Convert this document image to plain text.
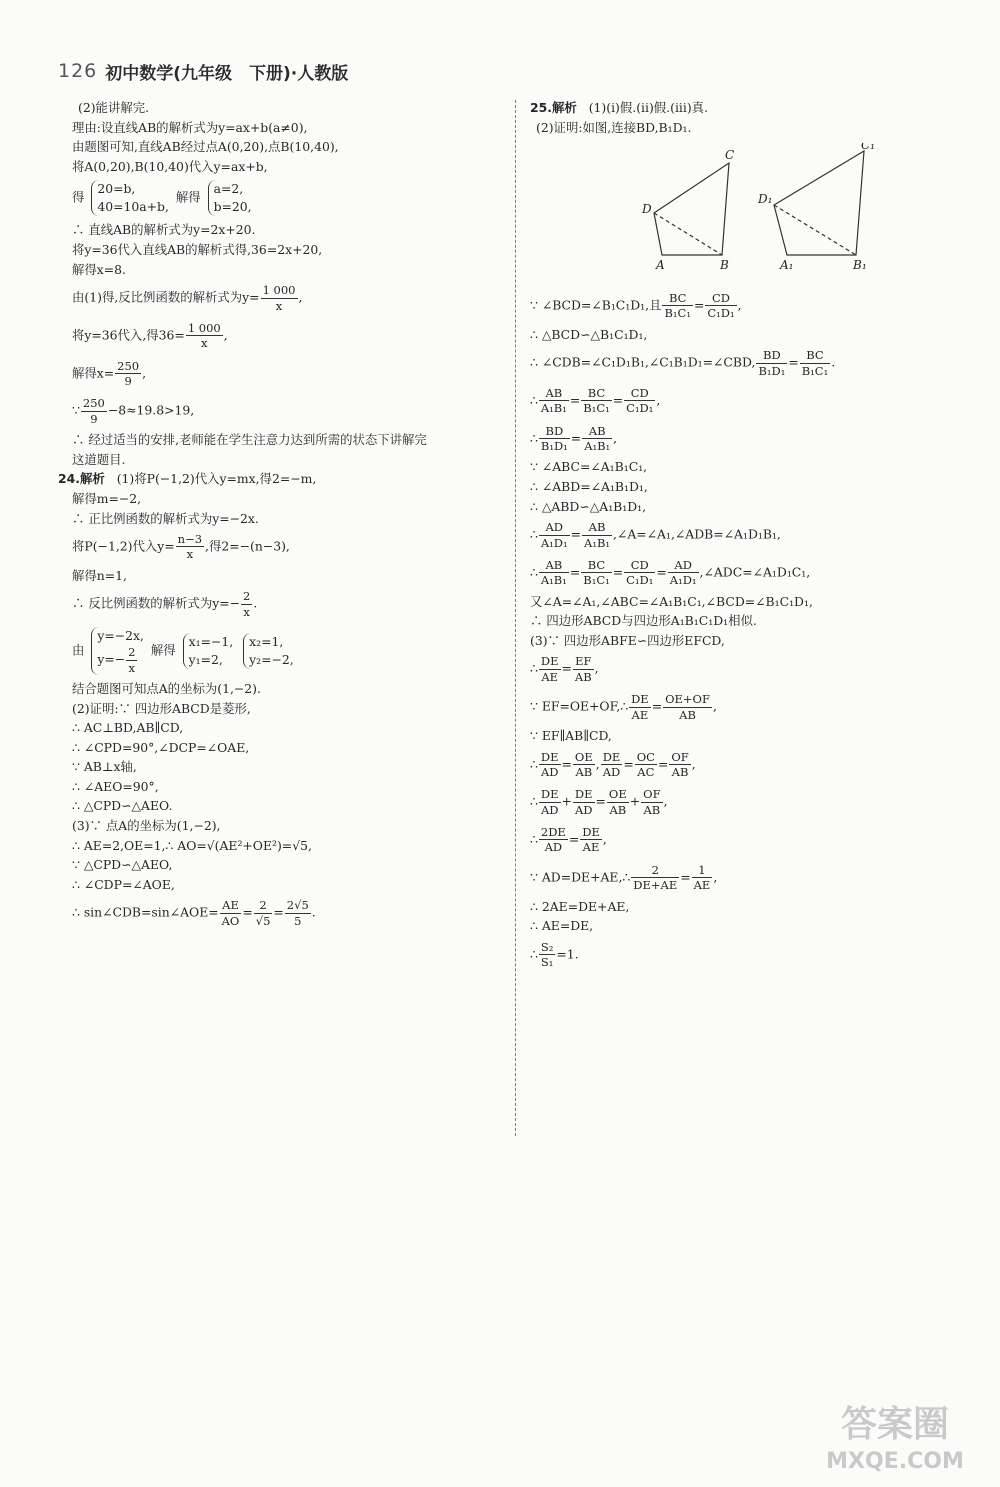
126 初中数学(九年级　下册)·人教版
(2)能讲解完.
理由:设直线AB的解析式为y=ax+b(a≠0),
由题图可知,直线AB经过点A(0,20),点B(10,40),
将A(0,20),B(10,40)代入y=ax+b,
得
20=b,
40=10a+b,
解得
a=2,
b=20,
∴ 直线AB的解析式为y=2x+20.
将y=36代入直线AB的解析式得,36=2x+20,
解得x=8.
由(1)得,反比例函数的解析式为$y= \frac{1 000}{x}$ ,
将y=36代入,得$36= \frac{1 000}{x}$ ,
解得$x= \frac{250}{9}$ ,
∵ $\frac{250}{9} -8\approx 19.8>19$,
∴ 经过适当的安排,老师能在学生注意力达到所需的状态下讲解完
这道题目.
24.解析 (1)将P(−1,2)代入y=mx,得2=−m,
解得m=−2,
∴ 正比例函数的解析式为y=−2x.
将P(−1,2)代入$y= \frac{n-3}{x}$ ,得2=−(n−3),
解得n=1,
∴ 反比例函数的解析式为$y=- \frac{2}{x}$ .
由
y=−2x,
$y=- \frac{2}{x}$ 解得
x₁=−1,
y₁=2,

x₂=1,
y₂=−2,
结合题图可知点A的坐标为(1,−2).
(2)证明:∵ 四边形ABCD是菱形,
∴ AC⊥BD,AB∥CD,
∴ ∠CPD=90°,∠DCP=∠OAE,
∵ AB⊥x轴,
∴ ∠AEO=90°,
∴ △CPD∽△AEO.
(3)∵ 点A的坐标为(1,−2),
∴ AE=2,OE=1,∴ AO=√(AE²+OE²)=√5,
∵ △CPD∽△AEO,
∴ ∠CDP=∠AOE,
∴ sin∠CDB=sin∠AOE= $\frac{AE}{AO} = \frac{2}{√5} = \frac{2√5}{5}$ .
25.解析 (1)(i)假.(ii)假.(iii)真.
(2)证明:如图,连接BD,B₁D₁.
C
D
A	B
C₁
D₁
A₁	B₁
∵ ∠BCD=∠B₁C₁D₁,且 $\frac{BC}{\text{B₁C₁}} = \frac{CD}{\text{C₁D₁}}$ ,
∴ △BCD∽△B₁C₁D₁,
∴ ∠CDB=∠C₁D₁B₁,∠C₁B₁D₁=∠CBD, $\frac{BD}{\text{B₁D₁}} = \frac{BC}{\text{B₁C₁}}$ .
∴ $\frac{AB}{\text{A₁B₁}} = \frac{BC}{\text{B₁C₁}} = \frac{CD}{\text{C₁D₁}}$ ,
∴ $\frac{BD}{\text{B₁D₁}} = \frac{AB}{\text{A₁B₁}}$ ,
∵ ∠ABC=∠A₁B₁C₁,
∴ ∠ABD=∠A₁B₁D₁,
∴ △ABD∽△A₁B₁D₁,
∴ $\frac{AD}{\text{A₁D₁}} = \frac{AB}{\text{A₁B₁}}$ ,∠A=∠A₁,∠ADB=∠A₁D₁B₁,
∴ $\frac{AB}{\text{A₁B₁}} = \frac{BC}{\text{B₁C₁}} = \frac{CD}{\text{C₁D₁}} = \frac{AD}{\text{A₁D₁}}$ ,∠ADC=∠A₁D₁C₁,
又∠A=∠A₁,∠ABC=∠A₁B₁C₁,∠BCD=∠B₁C₁D₁,
∴ 四边形ABCD与四边形A₁B₁C₁D₁相似.
(3)∵ 四边形ABFE∽四边形EFCD,
∴ $\frac{DE}{AE} = \frac{EF}{AB}$ ,
∵ EF=OE+OF,∴ $\frac{DE}{AE} = \frac{OE+OF}{AB}$ ,
∵ EF∥AB∥CD,
∴ $\frac{DE}{AD} = \frac{OE}{AB}$ , $\frac{DE}{AD} = \frac{OC}{AC} = \frac{OF}{AB}$ ,
∴ $\frac{DE}{AD} + \frac{DE}{AD} = \frac{OE}{AB} + \frac{OF}{AB}$ ,
∴ $\frac{2DE}{AD} = \frac{DE}{AE}$ ,
∵ AD=DE+AE,∴ $\frac{2}{DE+AE} = \frac{1}{AE}$ ,
∴ 2AE=DE+AE,
∴ AE=DE,
∴ $\frac{\text{S₂}}{\text{S₁}} =1$.
答案圈
MXQE.COM
